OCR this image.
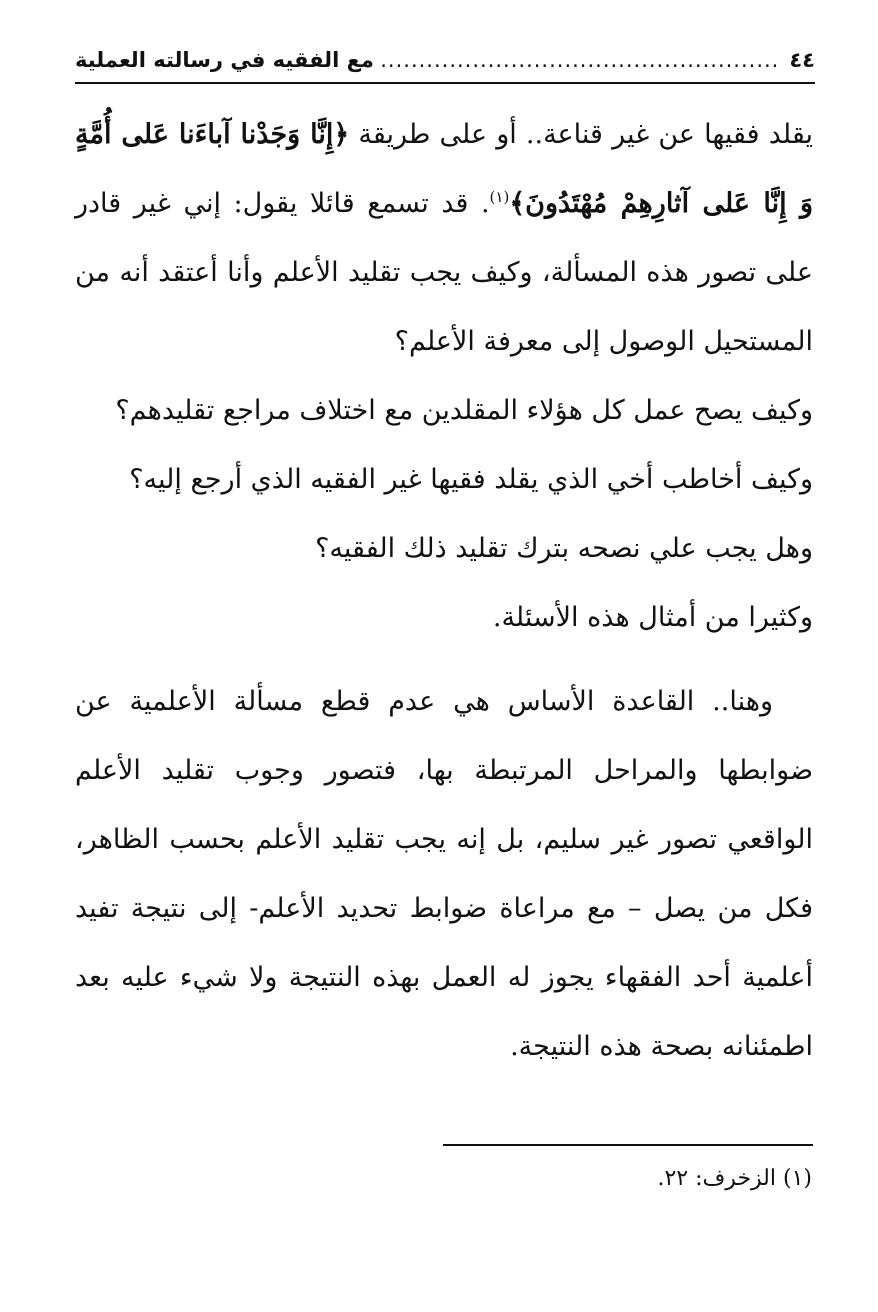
٤٤
.....
مع الفقيه في رسالته العملية

يقلد فقيها عن غير قناعة.. أو على طريقة ﴿إِنَّا وَجَدْنا آباءَنا عَلى أُمَّةٍ وَ إِنَّا عَلى آثارِهِمْ مُهْتَدُونَ﴾$^{(١)}$. قد تسمع قائلا يقول: إني غير قادر على تصور هذه المسألة، وكيف يجب تقليد الأعلم وأنا أعتقد أنه من المستحيل الوصول إلى معرفة الأعلم؟

وكيف يصح عمل كل هؤلاء المقلدين مع اختلاف مراجع تقليدهم؟

وكيف أخاطب أخي الذي يقلد فقيها غير الفقيه الذي أرجع إليه؟

وهل يجب علي نصحه بترك تقليد ذلك الفقيه؟

وكثيرا من أمثال هذه الأسئلة.

وهنا.. القاعدة الأساس هي عدم قطع مسألة الأعلمية عن ضوابطها والمراحل المرتبطة بها، فتصور وجوب تقليد الأعلم الواقعي تصور غير سليم، بل إنه يجب تقليد الأعلم بحسب الظاهر، فكل من يصل – مع مراعاة ضوابط تحديد الأعلم- إلى نتيجة تفيد أعلمية أحد الفقهاء يجوز له العمل بهذه النتيجة ولا شيء عليه بعد اطمئنانه بصحة هذه النتيجة.

(١) الزخرف: ٢٢.
